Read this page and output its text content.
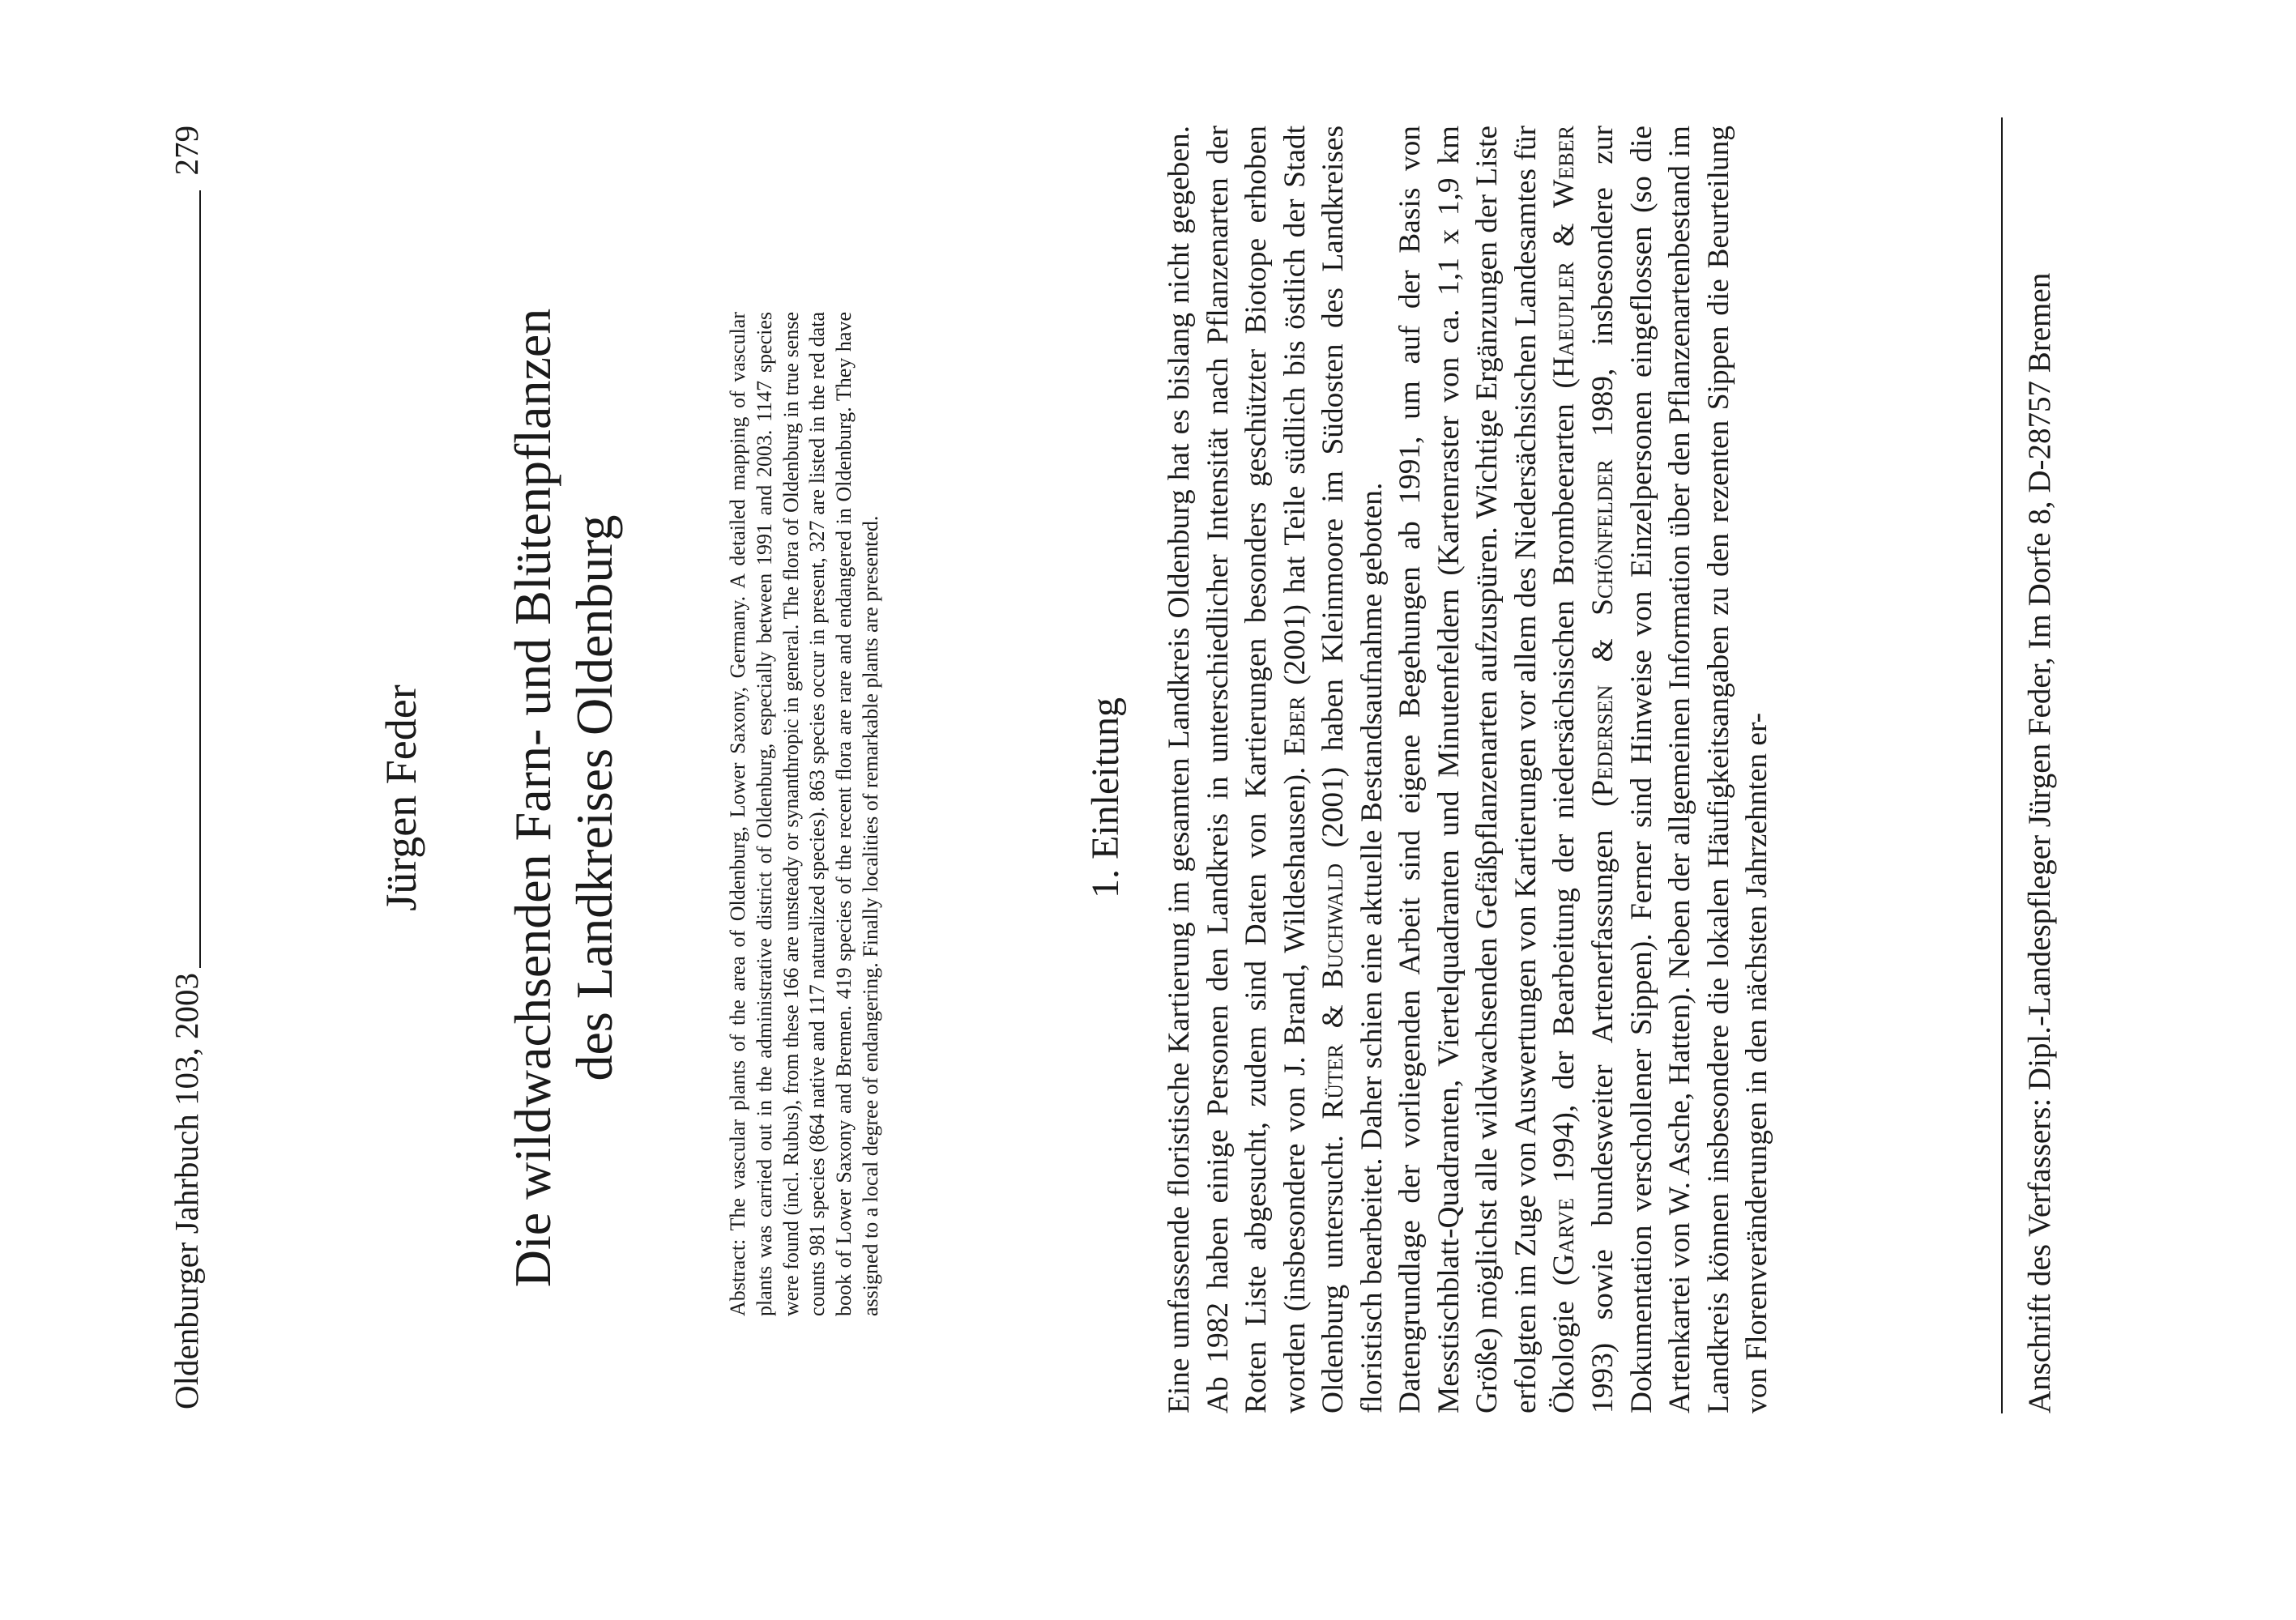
Oldenburger Jahrbuch 103, 2003
279
Jürgen Feder Die wildwachsenden Farn- und Blütenpflanzen des Landkreises Oldenburg	Abstract: The vascular plants of the area of Oldenburg, Lower Saxony, Germany. A detailed mapping of vascular plants was carried out in the administrative district of Oldenburg, especially between 1991 and 2003. 1147 species were found (incl. Rubus), from these 166 are unsteady or synanthropic in general. The flora of Oldenburg in true sense counts 981 species (864 native and 117 naturalized species). 863 species occur in present, 327 are listed in the red data book of Lower Saxony and Bremen. 419 species of the recent flora are rare and endangered in Oldenburg. They have assigned to a local degree of endangering. Finally localities of remarkable plants are presented.	1. Einleitung Eine umfassende floristische Kartierung im gesamten Landkreis Oldenburg hat es bislang nicht gegeben. Ab 1982 haben einige Personen den Landkreis in unterschiedlicher Intensität nach Pflanzenarten der Roten Liste abgesucht, zudem sind Daten von Kartierungen besonders geschützter Biotope erhoben worden (insbesondere von J. Brand, Wildeshausen). Eber (2001) hat Teile südlich bis östlich der Stadt Oldenburg untersucht. Rüter & Buchwald (2001) haben Kleinmoore im Südosten des Landkreises floristisch bearbeitet. Daher schien eine aktuelle Bestandsaufnahme geboten. Datengrundlage der vorliegenden Arbeit sind eigene Begehungen ab 1991, um auf der Basis von Messtischblatt-Quadranten, Viertelquadranten und Minutenfeldern (Kartenraster von ca. 1,1 x 1,9 km Größe) möglichst alle wildwachsenden Gefäßpflanzenarten aufzuspüren. Wichtige Ergänzungen der Liste erfolgten im Zuge von Auswertungen von Kartierungen vor allem des Niedersächsischen Landesamtes für Ökologie (Garve 1994), der Bearbeitung der niedersächsischen Brombeerarten (Haeupler & Weber 1993) sowie bundesweiter Artenerfassungen (Pedersen & Schönfelder 1989, insbesondere zur Dokumentation verschollener Sippen). Ferner sind Hinweise von Einzelpersonen eingeflossen (so die Artenkartei von W. Asche, Hatten). Neben der allgemeinen Information über den Pflanzenartenbestand im Landkreis können insbesondere die lokalen Häufigkeitsangaben zu den rezenten Sippen die Beurteilung von Florenveränderungen in den nächsten Jahrzehnten er-	Anschrift des Verfassers: Dipl.-Landespfleger Jürgen Feder, Im Dorfe 8, D-28757 Bremen
